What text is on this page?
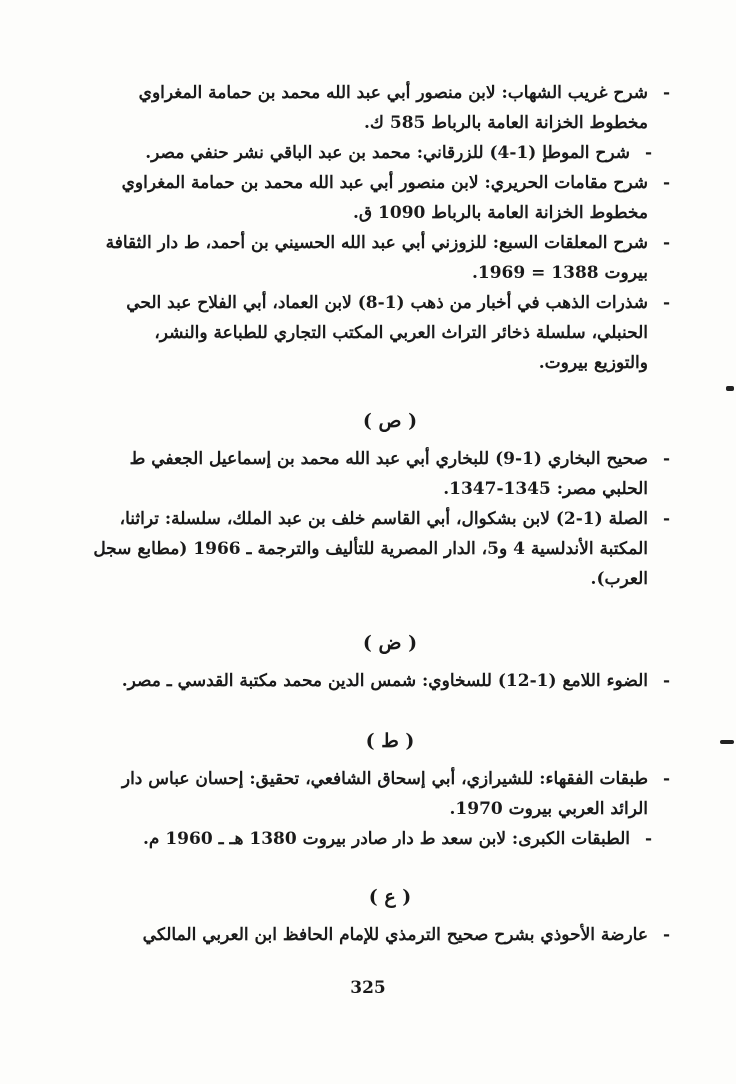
-
شرح غريب الشهاب: لابن منصور أبي عبد الله محمد بن حمامة المغراوي
مخطوط الخزانة العامة بالرباط 585 ك.

-
شرح الموطإ (1-4) للزرقاني: محمد بن عبد الباقي نشر حنفي مصر.

-
شرح مقامات الحريري: لابن منصور أبي عبد الله محمد بن حمامة المغراوي
مخطوط الخزانة العامة بالرباط 1090 ق.

-
شرح المعلقات السبع: للزوزني أبي عبد الله الحسيني بن أحمد، ط دار الثقافة
بيروت 1388 = 1969.

-
شذرات الذهب في أخبار من ذهب (1-8) لابن العماد، أبي الفلاح عبد الحي
الحنبلي، سلسلة ذخائر التراث العربي المكتب التجاري للطباعة والنشر،
والتوزيع بيروت.

( ص )

-
صحيح البخاري (1-9) للبخاري أبي عبد الله محمد بن إسماعيل الجعفي ط
الحلبي مصر: 1345-1347.

-
الصلة (1-2) لابن بشكوال، أبي القاسم خلف بن عبد الملك، سلسلة: تراثنا،
المكتبة الأندلسية 4 و5، الدار المصرية للتأليف والترجمة ـ 1966 (مطابع سجل
العرب).

( ض )

-
الضوء اللامع (1-12) للسخاوي: شمس الدين محمد مكتبة القدسي ـ مصر.

( ط )

-
طبقات الفقهاء: للشيرازي، أبي إسحاق الشافعي، تحقيق: إحسان عباس دار
الرائد العربي بيروت 1970.

-
الطبقات الكبرى: لابن سعد ط دار صادر بيروت 1380 هـ ـ 1960 م.

( ع )

-
عارضة الأحوذي بشرح صحيح الترمذي للإمام الحافظ ابن العربي المالكي

325
